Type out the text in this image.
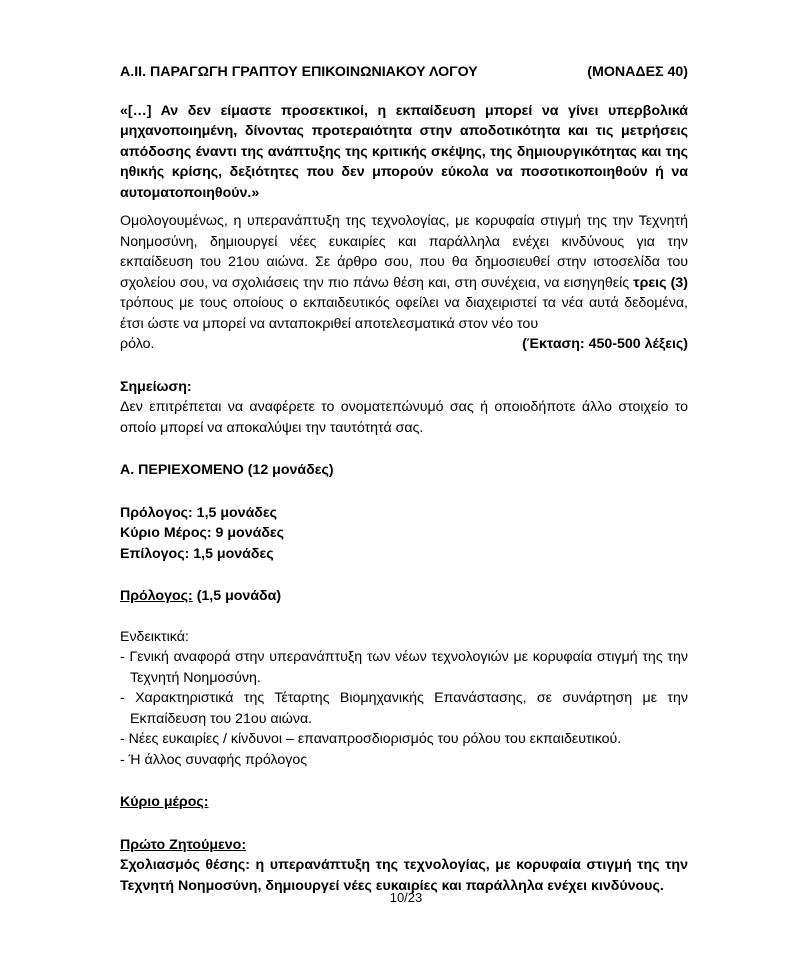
Α.ΙΙ. ΠΑΡΑΓΩΓΗ ΓΡΑΠΤΟΥ ΕΠΙΚΟΙΝΩΝΙΑΚΟΥ ΛΟΓΟΥ	(ΜΟΝΑΔΕΣ 40)
«[…] Αν δεν είμαστε προσεκτικοί, η εκπαίδευση μπορεί να γίνει υπερβολικά μηχανοποιημένη, δίνοντας προτεραιότητα στην αποδοτικότητα και τις μετρήσεις απόδοσης έναντι της ανάπτυξης της κριτικής σκέψης, της δημιουργικότητας και της ηθικής κρίσης, δεξιότητες που δεν μπορούν εύκολα να ποσοτικοποιηθούν ή να αυτοματοποιηθούν.»
Ομολογουμένως, η υπερανάπτυξη της τεχνολογίας, με κορυφαία στιγμή της την Τεχνητή Νοημοσύνη, δημιουργεί νέες ευκαιρίες και παράλληλα ενέχει κινδύνους για την εκπαίδευση του 21ου αιώνα. Σε άρθρο σου, που θα δημοσιευθεί στην ιστοσελίδα του σχολείου σου, να σχολιάσεις την πιο πάνω θέση και, στη συνέχεια, να εισηγηθείς τρεις (3) τρόπους με τους οποίους ο εκπαιδευτικός οφείλει να διαχειριστεί τα νέα αυτά δεδομένα, έτσι ώστε να μπορεί να ανταποκριθεί αποτελεσματικά στον νέο του
ρόλο.	(Έκταση: 450-500 λέξεις)
Σημείωση:
Δεν επιτρέπεται να αναφέρετε το ονοματεπώνυμό σας ή οποιοδήποτε άλλο στοιχείο το οποίο μπορεί να αποκαλύψει την ταυτότητά σας.
Α. ΠΕΡΙΕΧΟΜΕΝΟ (12 μονάδες)
Πρόλογος: 1,5 μονάδες
Κύριο Μέρος: 9 μονάδες
Επίλογος: 1,5 μονάδες
Πρόλογος: (1,5 μονάδα)
Ενδεικτικά:
- Γενική αναφορά στην υπερανάπτυξη των νέων τεχνολογιών με κορυφαία στιγμή της την Τεχνητή Νοημοσύνη.
- Χαρακτηριστικά της Τέταρτης Βιομηχανικής Επανάστασης, σε συνάρτηση με την Εκπαίδευση του 21ου αιώνα.
- Νέες ευκαιρίες / κίνδυνοι – επαναπροσδιορισμός του ρόλου του εκπαιδευτικού.
- Ή άλλος συναφής πρόλογος
Κύριο μέρος:
Πρώτο Ζητούμενο:
Σχολιασμός θέσης: η υπερανάπτυξη της τεχνολογίας, με κορυφαία στιγμή της την Τεχνητή Νοημοσύνη, δημιουργεί νέες ευκαιρίες και παράλληλα ενέχει κινδύνους.
10/23
